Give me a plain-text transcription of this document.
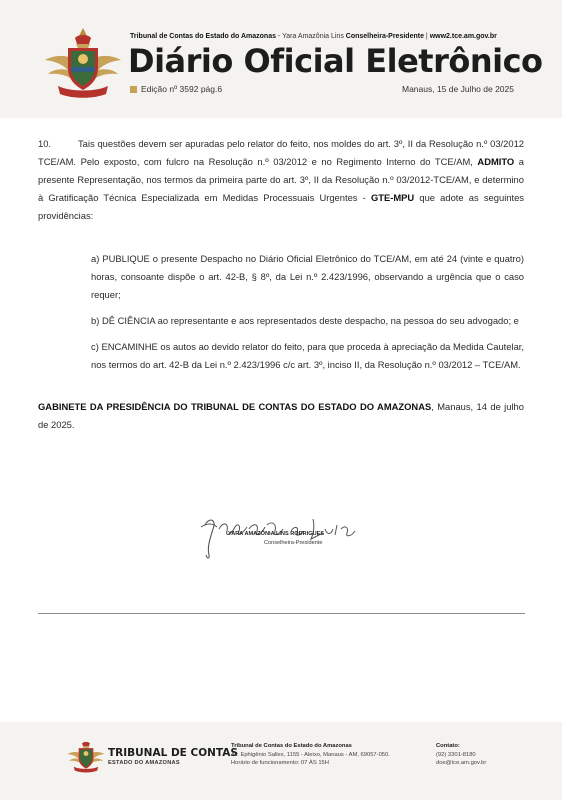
Tribunal de Contas do Estado do Amazonas - Yara Amazônia Lins Conselheira-Presidente | www2.tce.am.gov.br
Diário Oficial Eletrônico
Edição nº 3592 pág.6	Manaus, 15 de Julho de 2025

10.	Tais questões devem ser apuradas pelo relator do feito, nos moldes do art. 3º, II da Resolução n.º 03/2012 TCE/AM. Pelo exposto, com fulcro na Resolução n.º 03/2012 e no Regimento Interno do TCE/AM, ADMITO a presente Representação, nos termos da primeira parte do art. 3º, II da Resolução n.º 03/2012-TCE/AM, e determino à Gratificação Técnica Especializada em Medidas Processuais Urgentes - GTE-MPU que adote as seguintes providências:

a) PUBLIQUE o presente Despacho no Diário Oficial Eletrônico do TCE/AM, em até 24 (vinte e quatro) horas, consoante dispõe o art. 42-B, § 8º, da Lei n.º 2.423/1996, observando a urgência que o caso requer;

b) DÊ CIÊNCIA ao representante e aos representados deste despacho, na pessoa do seu advogado; e

c) ENCAMINHE os autos ao devido relator do feito, para que proceda à apreciação da Medida Cautelar, nos termos do art. 42-B da Lei n.º 2.423/1996 c/c art. 3º, inciso II, da Resolução n.º 03/2012 – TCE/AM.

GABINETE DA PRESIDÊNCIA DO TRIBUNAL DE CONTAS DO ESTADO DO AMAZONAS, Manaus, 14 de julho de 2025.

YARA AMAZÔNIA LINS RODRIGUES
Conselheira-Presidente
TRIBUNAL DE CONTAS
ESTADO DO AMAZONAS
Tribunal de Contas do Estado do Amazonas
Av. Ephigênio Salles, 1155 - Aleixo, Manaus - AM, 69057-050.
Horário de funcionamento: 07 ÀS 15H
Contato:
(92) 3301-8180
doe@tce.am.gov.br
